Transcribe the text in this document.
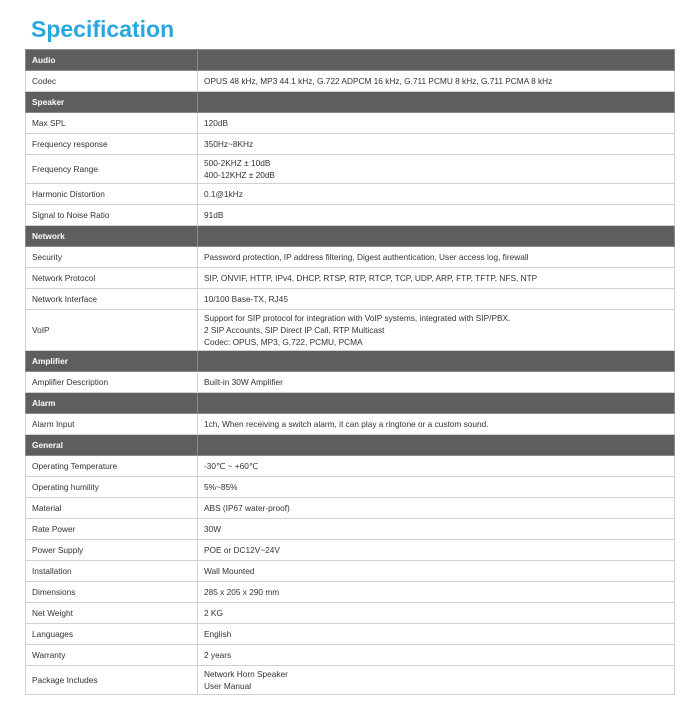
Specification
Audio	
Codec	OPUS 48 kHz, MP3 44.1 kHz, G.722 ADPCM 16 kHz, G.711 PCMU 8 kHz, G.711 PCMA 8 kHz

Speaker	
Max SPL	120dB

Frequency response	350Hz~8KHz

Frequency Range	500-2KHZ ± 10dB
400-12KHZ ± 20dB

Harmonic Distortion	0.1@1kHz

Signal to Noise Ratio	91dB

Network	
Security	Password protection, IP address filtering, Digest authentication, User access log, firewall

Network Protocol	SIP, ONVIF, HTTP, IPv4, DHCP, RTSP, RTP, RTCP, TCP, UDP, ARP, FTP, TFTP, NFS, NTP

Network Interface	10/100 Base-TX, RJ45

VoIP	Support for SIP protocol for integration with VoIP systems, integrated with SIP/PBX.
2 SIP Accounts, SIP Direct IP Call, RTP Multicast
Codec: OPUS, MP3, G.722, PCMU, PCMA

Amplifier	
Amplifier Description	Built-in 30W Amplifier

Alarm	
Alarm Input	1ch, When receiving a switch alarm, it can play a ringtone or a custom sound.

General	
Operating Temperature	-30℃ ~ +60℃

Operating humility	5%~85%

Material	ABS (IP67 water-proof)

Rate Power	30W

Power Supply	POE or DC12V~24V

Installation	Wall Mounted

Dimensions	285 x 205 x 290 mm

Net Weight	2 KG

Languages	English

Warranty	2 years

Package Includes	Network Horn Speaker
User Manual
